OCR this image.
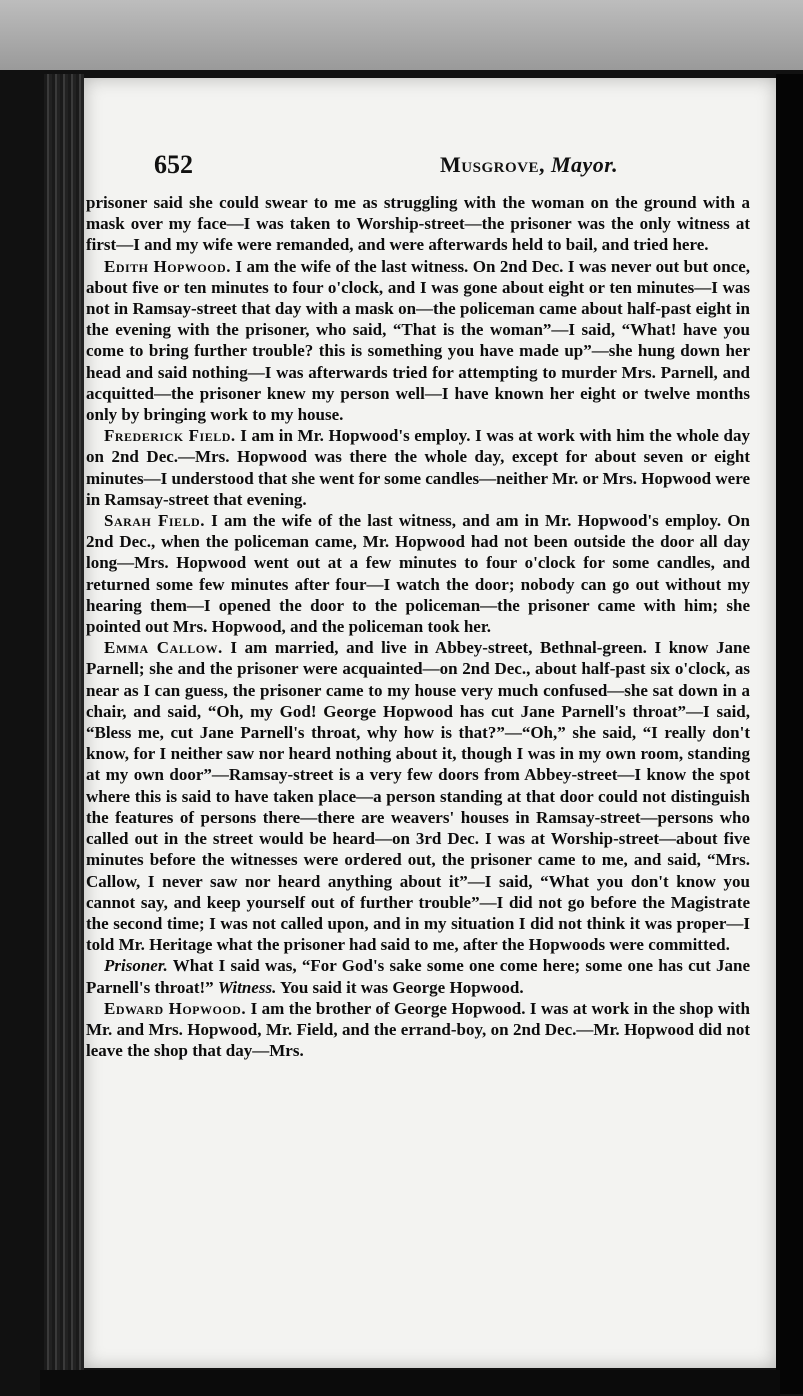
652	Musgrove, Mayor.

prisoner said she could swear to me as struggling with the woman on the ground with a mask over my face—I was taken to Worship-street—the prisoner was the only witness at first—I and my wife were remanded, and were afterwards held to bail, and tried here.

Edith Hopwood. I am the wife of the last witness. On 2nd Dec. I was never out but once, about five or ten minutes to four o'clock, and I was gone about eight or ten minutes—I was not in Ramsay-street that day with a mask on—the policeman came about half-past eight in the evening with the prisoner, who said, “That is the woman”—I said, “What! have you come to bring further trouble? this is something you have made up”—she hung down her head and said nothing—I was afterwards tried for attempting to murder Mrs. Parnell, and acquitted—the prisoner knew my person well—I have known her eight or twelve months only by bringing work to my house.

Frederick Field. I am in Mr. Hopwood's employ. I was at work with him the whole day on 2nd Dec.—Mrs. Hopwood was there the whole day, except for about seven or eight minutes—I understood that she went for some candles—neither Mr. or Mrs. Hopwood were in Ramsay-street that evening.

Sarah Field. I am the wife of the last witness, and am in Mr. Hopwood's employ. On 2nd Dec., when the policeman came, Mr. Hopwood had not been outside the door all day long—Mrs. Hopwood went out at a few minutes to four o'clock for some candles, and returned some few minutes after four—I watch the door; nobody can go out without my hearing them—I opened the door to the policeman—the prisoner came with him; she pointed out Mrs. Hopwood, and the policeman took her.

Emma Callow. I am married, and live in Abbey-street, Bethnal-green. I know Jane Parnell; she and the prisoner were acquainted—on 2nd Dec., about half-past six o'clock, as near as I can guess, the prisoner came to my house very much confused—she sat down in a chair, and said, “Oh, my God! George Hopwood has cut Jane Parnell's throat”—I said, “Bless me, cut Jane Parnell's throat, why how is that?”—“Oh,” she said, “I really don't know, for I neither saw nor heard nothing about it, though I was in my own room, standing at my own door”—Ramsay-street is a very few doors from Abbey-street—I know the spot where this is said to have taken place—a person standing at that door could not distinguish the features of persons there—there are weavers' houses in Ramsay-street—persons who called out in the street would be heard—on 3rd Dec. I was at Worship-street—about five minutes before the witnesses were ordered out, the prisoner came to me, and said, “Mrs. Callow, I never saw nor heard anything about it”—I said, “What you don't know you cannot say, and keep yourself out of further trouble”—I did not go before the Magistrate the second time; I was not called upon, and in my situation I did not think it was proper—I told Mr. Heritage what the prisoner had said to me, after the Hopwoods were committed.

Prisoner. What I said was, “For God's sake some one come here; some one has cut Jane Parnell's throat!” Witness. You said it was George Hopwood.

Edward Hopwood. I am the brother of George Hopwood. I was at work in the shop with Mr. and Mrs. Hopwood, Mr. Field, and the errand-boy, on 2nd Dec.—Mr. Hopwood did not leave the shop that day—Mrs.
